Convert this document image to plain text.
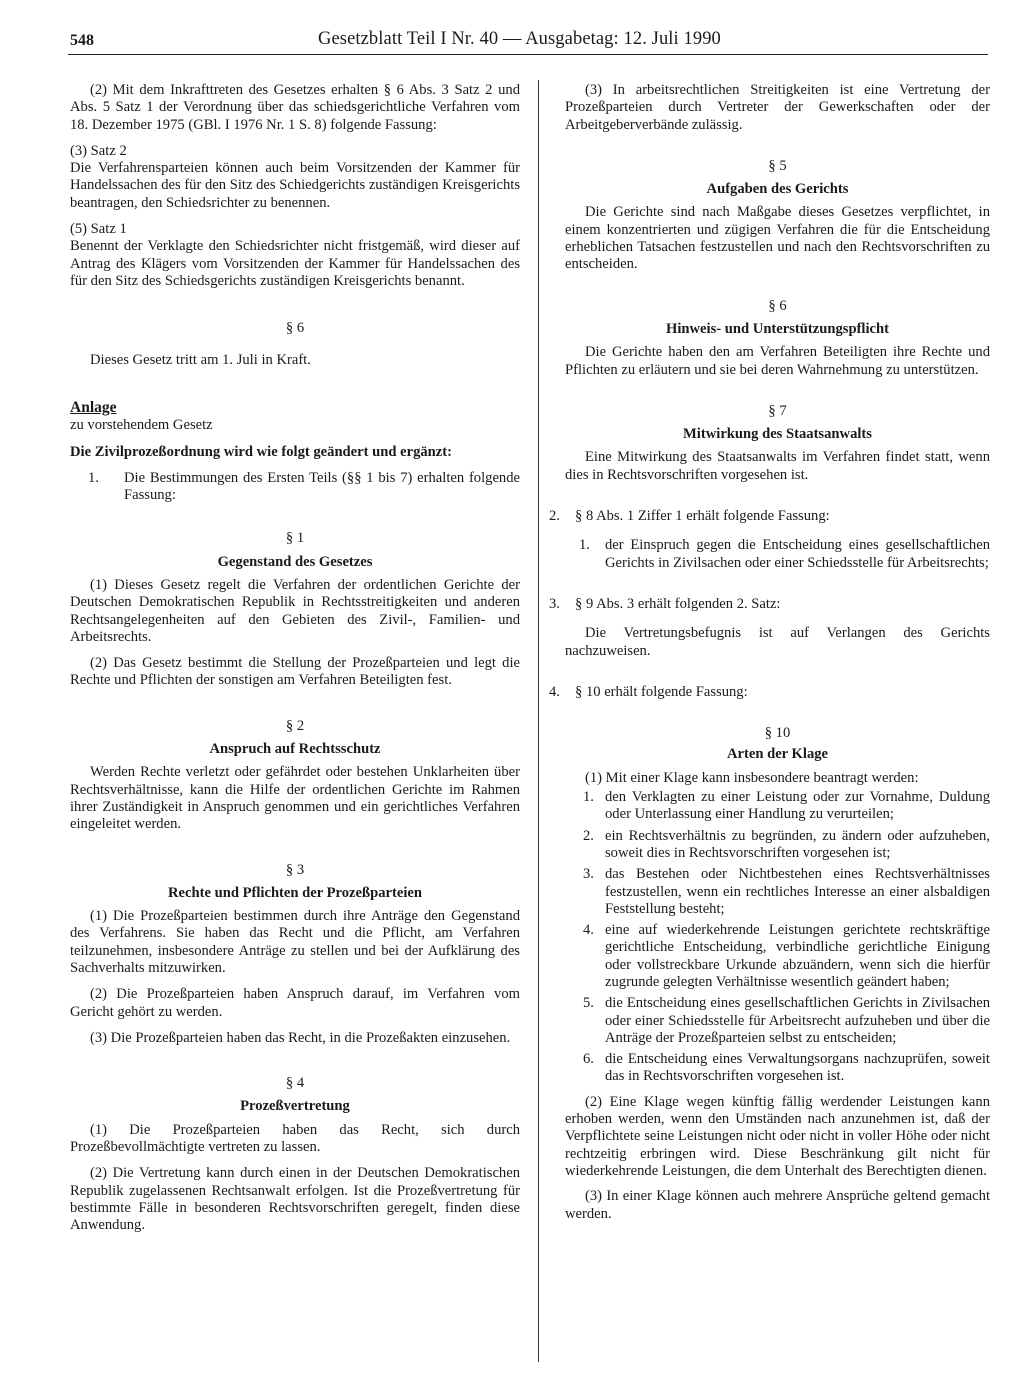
548	Gesetzblatt Teil I Nr. 40 — Ausgabetag: 12. Juli 1990

(2) Mit dem Inkrafttreten des Gesetzes erhalten § 6 Abs. 3 Satz 2 und Abs. 5 Satz 1 der Verordnung über das schiedsgerichtliche Verfahren vom 18. Dezember 1975 (GBl. I 1976 Nr. 1 S. 8) folgende Fassung:

(3) Satz 2

Die Verfahrensparteien können auch beim Vorsitzenden der Kammer für Handelssachen des für den Sitz des Schiedgerichts zuständigen Kreisgerichts beantragen, den Schiedsrichter zu benennen.

(5) Satz 1

Benennt der Verklagte den Schiedsrichter nicht fristgemäß, wird dieser auf Antrag des Klägers vom Vorsitzenden der Kammer für Handelssachen des für den Sitz des Schiedsgerichts zuständigen Kreisgerichts benannt.

§ 6

Dieses Gesetz tritt am 1. Juli in Kraft.

Anlage

zu vorstehendem Gesetz

Die Zivilprozeßordnung wird wie folgt geändert und ergänzt:

1.	Die Bestimmungen des Ersten Teils (§§ 1 bis 7) erhalten folgende Fassung:

§ 1

Gegenstand des Gesetzes

(1) Dieses Gesetz regelt die Verfahren der ordentlichen Gerichte der Deutschen Demokratischen Republik in Rechtsstreitigkeiten und anderen Rechtsangelegenheiten auf den Gebieten des Zivil-, Familien- und Arbeitsrechts.

(2) Das Gesetz bestimmt die Stellung der Prozeßparteien und legt die Rechte und Pflichten der sonstigen am Verfahren Beteiligten fest.

§ 2

Anspruch auf Rechtsschutz

Werden Rechte verletzt oder gefährdet oder bestehen Unklarheiten über Rechtsverhältnisse, kann die Hilfe der ordentlichen Gerichte im Rahmen ihrer Zuständigkeit in Anspruch genommen und ein gerichtliches Verfahren eingeleitet werden.

§ 3

Rechte und Pflichten der Prozeßparteien

(1) Die Prozeßparteien bestimmen durch ihre Anträge den Gegenstand des Verfahrens. Sie haben das Recht und die Pflicht, am Verfahren teilzunehmen, insbesondere Anträge zu stellen und bei der Aufklärung des Sachverhalts mitzuwirken.

(2) Die Prozeßparteien haben Anspruch darauf, im Verfahren vom Gericht gehört zu werden.

(3) Die Prozeßparteien haben das Recht, in die Prozeßakten einzusehen.

§ 4

Prozeßvertretung

(1) Die Prozeßparteien haben das Recht, sich durch Prozeßbevollmächtigte vertreten zu lassen.

(2) Die Vertretung kann durch einen in der Deutschen Demokratischen Republik zugelassenen Rechtsanwalt erfolgen. Ist die Prozeßvertretung für bestimmte Fälle in besonderen Rechtsvorschriften geregelt, finden diese Anwendung.

(3) In arbeitsrechtlichen Streitigkeiten ist eine Vertretung der Prozeßparteien durch Vertreter der Gewerkschaften oder der Arbeitgeberverbände zulässig.

§ 5

Aufgaben des Gerichts

Die Gerichte sind nach Maßgabe dieses Gesetzes verpflichtet, in einem konzentrierten und zügigen Verfahren die für die Entscheidung erheblichen Tatsachen festzustellen und nach den Rechtsvorschriften zu entscheiden.

§ 6

Hinweis- und Unterstützungspflicht

Die Gerichte haben den am Verfahren Beteiligten ihre Rechte und Pflichten zu erläutern und sie bei deren Wahrnehmung zu unterstützen.

§ 7

Mitwirkung des Staatsanwalts

Eine Mitwirkung des Staatsanwalts im Verfahren findet statt, wenn dies in Rechtsvorschriften vorgesehen ist.

2.	§ 8 Abs. 1 Ziffer 1 erhält folgende Fassung:
1.	der Einspruch gegen die Entscheidung eines gesellschaftlichen Gerichts in Zivilsachen oder einer Schiedsstelle für Arbeitsrechts;
3.	§ 9 Abs. 3 erhält folgenden 2. Satz:

Die Vertretungsbefugnis ist auf Verlangen des Gerichts nachzuweisen.

4.	§ 10 erhält folgende Fassung:

§ 10

Arten der Klage

(1) Mit einer Klage kann insbesondere beantragt werden:

1. den Verklagten zu einer Leistung oder zur Vornahme, Duldung oder Unterlassung einer Handlung zu verurteilen;
2. ein Rechtsverhältnis zu begründen, zu ändern oder aufzuheben, soweit dies in Rechtsvorschriften vorgesehen ist;
3. das Bestehen oder Nichtbestehen eines Rechtsverhältnisses festzustellen, wenn ein rechtliches Interesse an einer alsbaldigen Feststellung besteht;
4. eine auf wiederkehrende Leistungen gerichtete rechtskräftige gerichtliche Entscheidung, verbindliche gerichtliche Einigung oder vollstreckbare Urkunde abzuändern, wenn sich die hierfür zugrunde gelegten Verhältnisse wesentlich geändert haben;
5. die Entscheidung eines gesellschaftlichen Gerichts in Zivilsachen oder einer Schiedsstelle für Arbeitsrecht aufzuheben und über die Anträge der Prozeßparteien selbst zu entscheiden;
6. die Entscheidung eines Verwaltungsorgans nachzuprüfen, soweit das in Rechtsvorschriften vorgesehen ist.

(2) Eine Klage wegen künftig fällig werdender Leistungen kann erhoben werden, wenn den Umständen nach anzunehmen ist, daß der Verpflichtete seine Leistungen nicht oder nicht in voller Höhe oder nicht rechtzeitig erbringen wird. Diese Beschränkung gilt nicht für wiederkehrende Leistungen, die dem Unterhalt des Berechtigten dienen.

(3) In einer Klage können auch mehrere Ansprüche geltend gemacht werden.
